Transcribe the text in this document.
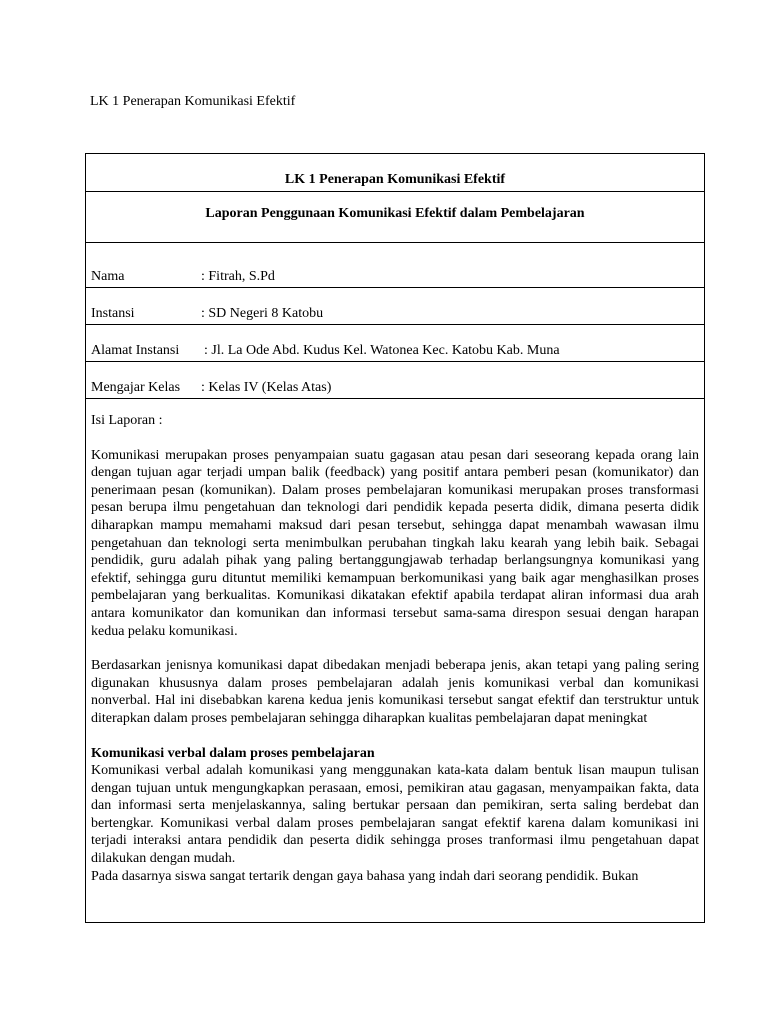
LK 1 Penerapan Komunikasi Efektif
LK 1 Penerapan Komunikasi Efektif
Laporan Penggunaan Komunikasi Efektif dalam Pembelajaran
Nama	: Fitrah, S.Pd
Instansi	: SD Negeri 8 Katobu
Alamat Instansi : Jl. La Ode Abd. Kudus Kel. Watonea Kec. Katobu Kab. Muna
Mengajar Kelas : Kelas IV (Kelas Atas)

Isi Laporan :

Komunikasi merupakan proses penyampaian suatu gagasan atau pesan dari seseorang kepada orang lain dengan tujuan agar terjadi umpan balik (feedback) yang positif antara pemberi pesan (komunikator) dan penerimaan pesan (komunikan). Dalam proses pembelajaran komunikasi merupakan proses transformasi pesan berupa ilmu pengetahuan dan teknologi dari pendidik kepada peserta didik, dimana peserta didik diharapkan mampu memahami maksud dari pesan tersebut, sehingga dapat menambah wawasan ilmu pengetahuan dan teknologi serta menimbulkan perubahan tingkah laku kearah yang lebih baik. Sebagai pendidik, guru adalah pihak yang paling bertanggungjawab terhadap berlangsungnya komunikasi yang efektif, sehingga guru dituntut memiliki kemampuan berkomunikasi yang baik agar menghasilkan proses pembelajaran yang berkualitas. Komunikasi dikatakan efektif apabila terdapat aliran informasi dua arah antara komunikator dan komunikan dan informasi tersebut sama-sama direspon sesuai dengan harapan kedua pelaku komunikasi.

Berdasarkan jenisnya komunikasi dapat dibedakan menjadi beberapa jenis, akan tetapi yang paling sering digunakan khususnya dalam proses pembelajaran adalah jenis komunikasi verbal dan komunikasi nonverbal. Hal ini disebabkan karena kedua jenis komunikasi tersebut sangat efektif dan terstruktur untuk diterapkan dalam proses pembelajaran sehingga diharapkan kualitas pembelajaran dapat meningkat

Komunikasi verbal dalam proses pembelajaran

Komunikasi verbal adalah komunikasi yang menggunakan kata-kata dalam bentuk lisan maupun tulisan dengan tujuan untuk mengungkapkan perasaan, emosi, pemikiran atau gagasan, menyampaikan fakta, data dan informasi serta menjelaskannya, saling bertukar persaan dan pemikiran, serta saling berdebat dan bertengkar. Komunikasi verbal dalam proses pembelajaran sangat efektif karena dalam komunikasi ini terjadi interaksi antara pendidik dan peserta didik sehingga proses tranformasi ilmu pengetahuan dapat dilakukan dengan mudah.

Pada dasarnya siswa sangat tertarik dengan gaya bahasa yang indah dari seorang pendidik. Bukan
